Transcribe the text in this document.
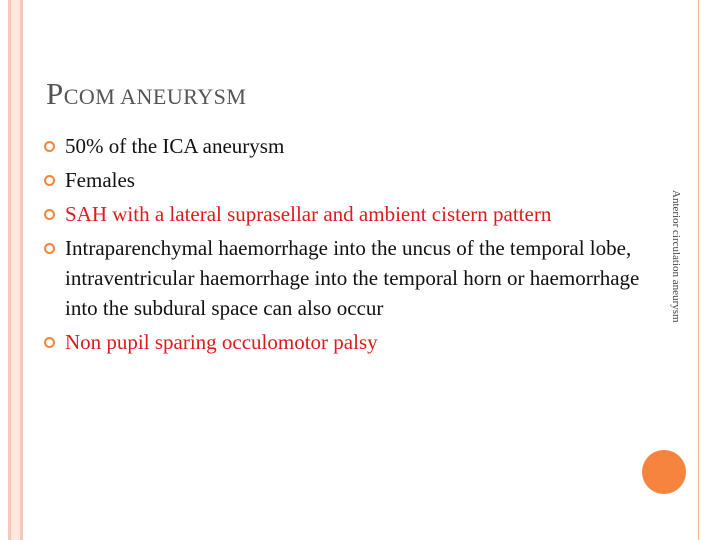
PCOM ANEURYSM
Anterior circulation aneurysm
50% of the ICA aneurysm
Females
SAH with a lateral suprasellar and ambient cistern pattern
Intraparenchymal haemorrhage into the uncus of the temporal lobe, intraventricular haemorrhage into the temporal horn or haemorrhage into the subdural space can also occur
Non pupil sparing occulomotor palsy
